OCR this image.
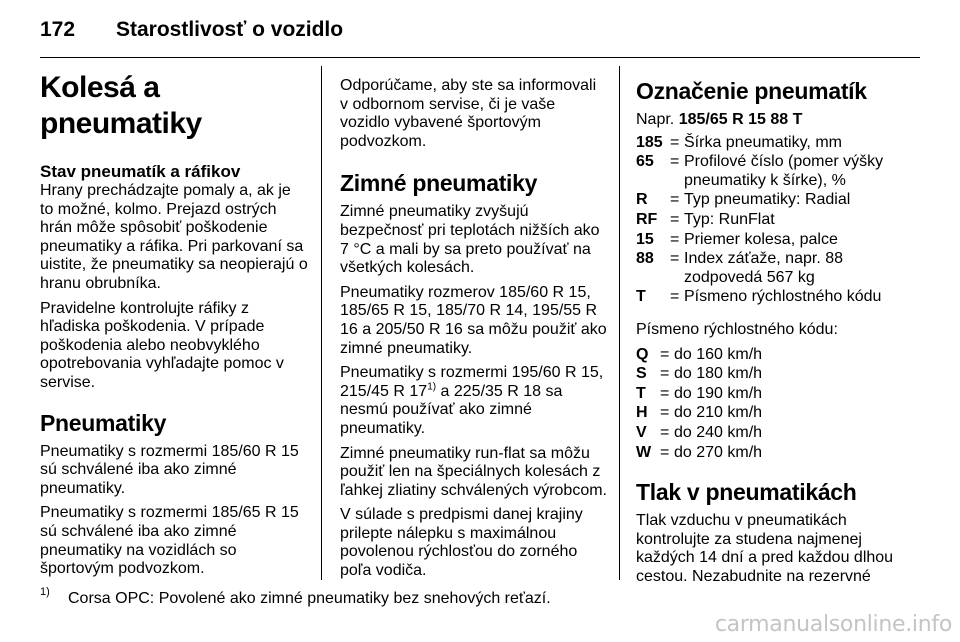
172 Starostlivosť o vozidlo
Kolesá a pneumatiky
Stav pneumatík a ráfikov

Hrany prechádzajte pomaly a, ak je to možné, kolmo. Prejazd ostrých hrán môže spôsobiť poškodenie pneumatiky a ráfika. Pri parkovaní sa uistite, že pneumatiky sa neopierajú o hranu obrubníka.

Pravidelne kontrolujte ráfiky z hľadiska poškodenia. V prípade poškodenia alebo neobvyklého opotrebovania vyhľadajte pomoc v servise.

Pneumatiky

Pneumatiky s rozmermi 185/60 R 15 sú schválené iba ako zimné pneumatiky.

Pneumatiky s rozmermi 185/65 R 15 sú schválené iba ako zimné pneumatiky na vozidlách so športovým podvozkom.

Odporúčame, aby ste sa informovali v odbornom servise, či je vaše vozidlo vybavené športovým podvozkom.

Zimné pneumatiky

Zimné pneumatiky zvyšujú bezpečnosť pri teplotách nižších ako 7 °C a mali by sa preto používať na všetkých kolesách.

Pneumatiky rozmerov 185/60 R 15, 185/65 R 15, 185/70 R 14, 195/55 R 16 a 205/50 R 16 sa môžu použiť ako zimné pneumatiky.

Pneumatiky s rozmermi 195/60 R 15, 215/45 R 17$^{1)}$ a 225/35 R 18 sa nesmú používať ako zimné pneumatiky.

Zimné pneumatiky run-flat sa môžu použiť len na špeciálnych kolesách z ľahkej zliatiny schválených výrobcom.

V súlade s predpismi danej krajiny prilepte nálepku s maximálnou povolenou rýchlosťou do zorného poľa vodiča.

Označenie pneumatík

Napr. 185/65 R 15 88 T

185 = Šírka pneumatiky, mm
65	= Profilové číslo (pomer výšky pneumatiky k šírke), %
R	= Typ pneumatiky: Radial
RF = Typ: RunFlat
15	= Priemer kolesa, palce
88	= Index záťaže, napr. 88 zodpovedá 567 kg
T	= Písmeno rýchlostného kódu

Písmeno rýchlostného kódu:

Q = do 160 km/h
S = do 180 km/h
T = do 190 km/h
H = do 210 km/h
V = do 240 km/h
W = do 270 km/h
Tlak v pneumatikách

Tlak vzduchu v pneumatikách kontrolujte za studena najmenej každých 14 dní a pred každou dlhou cestou. Nezabudnite na rezervné

1) Corsa OPC: Povolené ako zimné pneumatiky bez snehových reťazí.
carmanualsonline.info
